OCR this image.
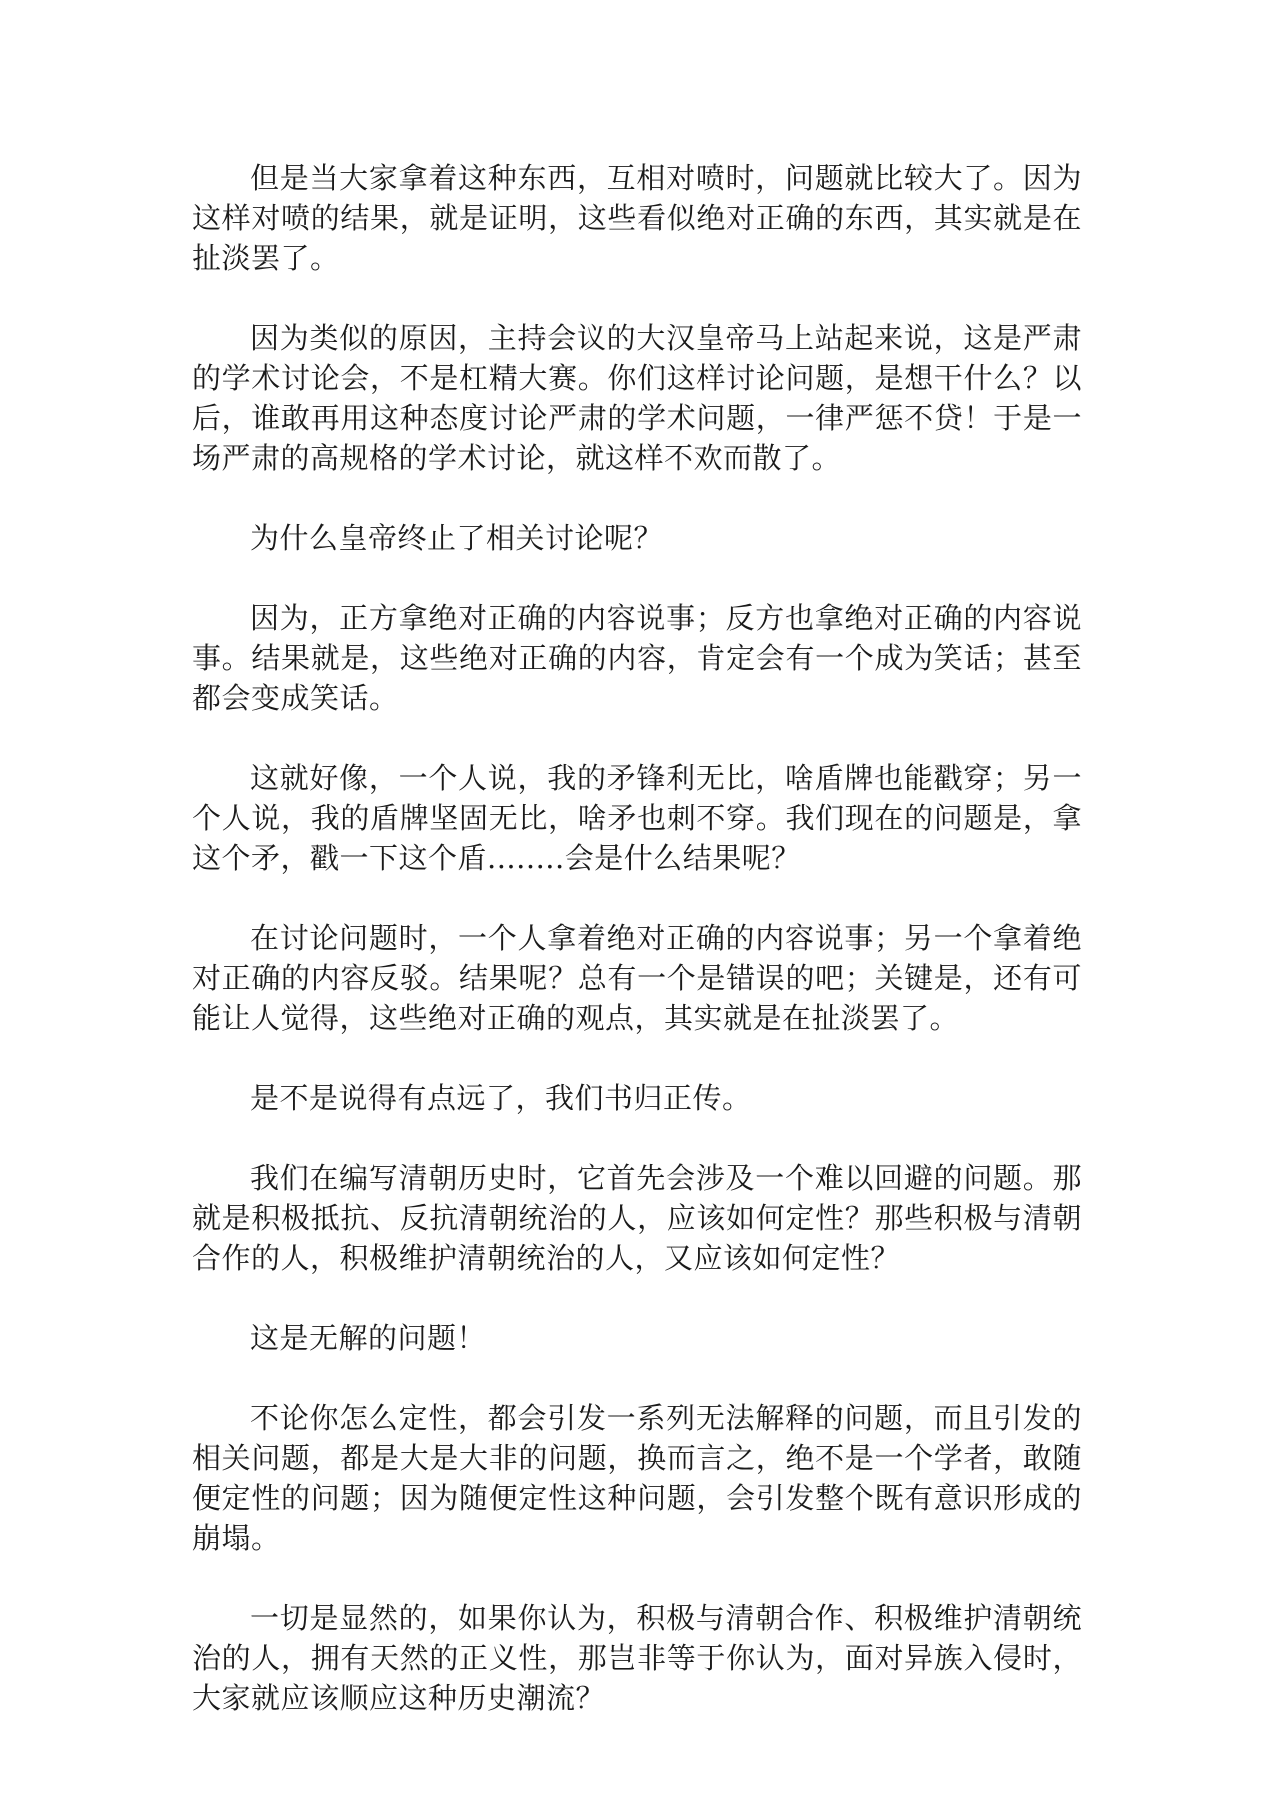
但是当大家拿着这种东西，互相对喷时，问题就比较大了。因为这样对喷的结果，就是证明，这些看似绝对正确的东西，其实就是在扯淡罢了。

因为类似的原因，主持会议的大汉皇帝马上站起来说，这是严肃的学术讨论会，不是杠精大赛。你们这样讨论问题，是想干什么？以后，谁敢再用这种态度讨论严肃的学术问题，一律严惩不贷！于是一场严肃的高规格的学术讨论，就这样不欢而散了。

为什么皇帝终止了相关讨论呢？

因为，正方拿绝对正确的内容说事；反方也拿绝对正确的内容说事。结果就是，这些绝对正确的内容，肯定会有一个成为笑话；甚至都会变成笑话。

这就好像，一个人说，我的矛锋利无比，啥盾牌也能戳穿；另一个人说，我的盾牌坚固无比，啥矛也刺不穿。我们现在的问题是，拿这个矛，戳一下这个盾........会是什么结果呢？

在讨论问题时，一个人拿着绝对正确的内容说事；另一个拿着绝对正确的内容反驳。结果呢？总有一个是错误的吧；关键是，还有可能让人觉得，这些绝对正确的观点，其实就是在扯淡罢了。

是不是说得有点远了，我们书归正传。

我们在编写清朝历史时，它首先会涉及一个难以回避的问题。那就是积极抵抗、反抗清朝统治的人，应该如何定性？那些积极与清朝合作的人，积极维护清朝统治的人，又应该如何定性？

这是无解的问题！

不论你怎么定性，都会引发一系列无法解释的问题，而且引发的相关问题，都是大是大非的问题，换而言之，绝不是一个学者，敢随便定性的问题；因为随便定性这种问题，会引发整个既有意识形成的崩塌。

一切是显然的，如果你认为，积极与清朝合作、积极维护清朝统治的人，拥有天然的正义性，那岂非等于你认为，面对异族入侵时，大家就应该顺应这种历史潮流？
